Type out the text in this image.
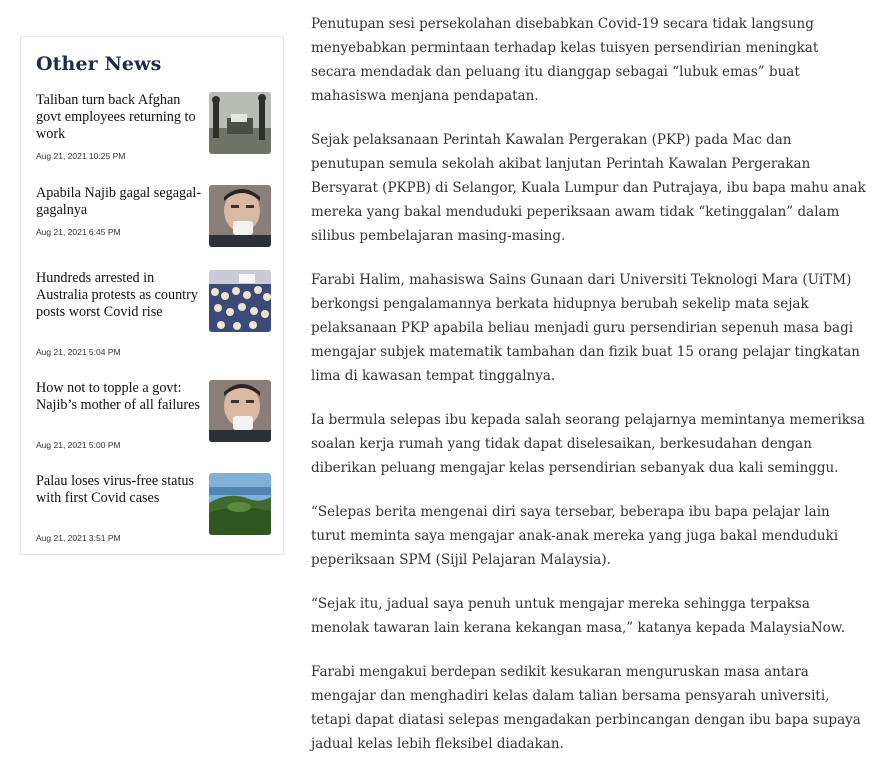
Other News
Taliban turn back Afghan govt employees returning to work
Aug 21, 2021 10:25 PM
Apabila Najib gagal segagal-gagalnya
Aug 21, 2021 6:45 PM
Hundreds arrested in Australia protests as country posts worst Covid rise
Aug 21, 2021 5:04 PM
How not to topple a govt: Najib’s mother of all failures
Aug 21, 2021 5:00 PM
Palau loses virus-free status with first Covid cases
Aug 21, 2021 3:51 PM

Penutupan sesi persekolahan disebabkan Covid-19 secara tidak langsung menyebabkan permintaan terhadap kelas tuisyen persendirian meningkat secara mendadak dan peluang itu dianggap sebagai “lubuk emas” buat mahasiswa menjana pendapatan.

Sejak pelaksanaan Perintah Kawalan Pergerakan (PKP) pada Mac dan penutupan semula sekolah akibat lanjutan Perintah Kawalan Pergerakan Bersyarat (PKPB) di Selangor, Kuala Lumpur dan Putrajaya, ibu bapa mahu anak mereka yang bakal menduduki peperiksaan awam tidak “ketinggalan” dalam silibus pembelajaran masing-masing.

Farabi Halim, mahasiswa Sains Gunaan dari Universiti Teknologi Mara (UiTM) berkongsi pengalamannya berkata hidupnya berubah sekelip mata sejak pelaksanaan PKP apabila beliau menjadi guru persendirian sepenuh masa bagi mengajar subjek matematik tambahan dan fizik buat 15 orang pelajar tingkatan lima di kawasan tempat tinggalnya.

Ia bermula selepas ibu kepada salah seorang pelajarnya memintanya memeriksa soalan kerja rumah yang tidak dapat diselesaikan, berkesudahan dengan diberikan peluang mengajar kelas persendirian sebanyak dua kali seminggu.

“Selepas berita mengenai diri saya tersebar, beberapa ibu bapa pelajar lain turut meminta saya mengajar anak-anak mereka yang juga bakal menduduki peperiksaan SPM (Sijil Pelajaran Malaysia).

“Sejak itu, jadual saya penuh untuk mengajar mereka sehingga terpaksa menolak tawaran lain kerana kekangan masa,” katanya kepada MalaysiaNow.

Farabi mengakui berdepan sedikit kesukaran menguruskan masa antara mengajar dan menghadiri kelas dalam talian bersama pensyarah universiti, tetapi dapat diatasi selepas mengadakan perbincangan dengan ibu bapa supaya jadual kelas lebih fleksibel diadakan.
